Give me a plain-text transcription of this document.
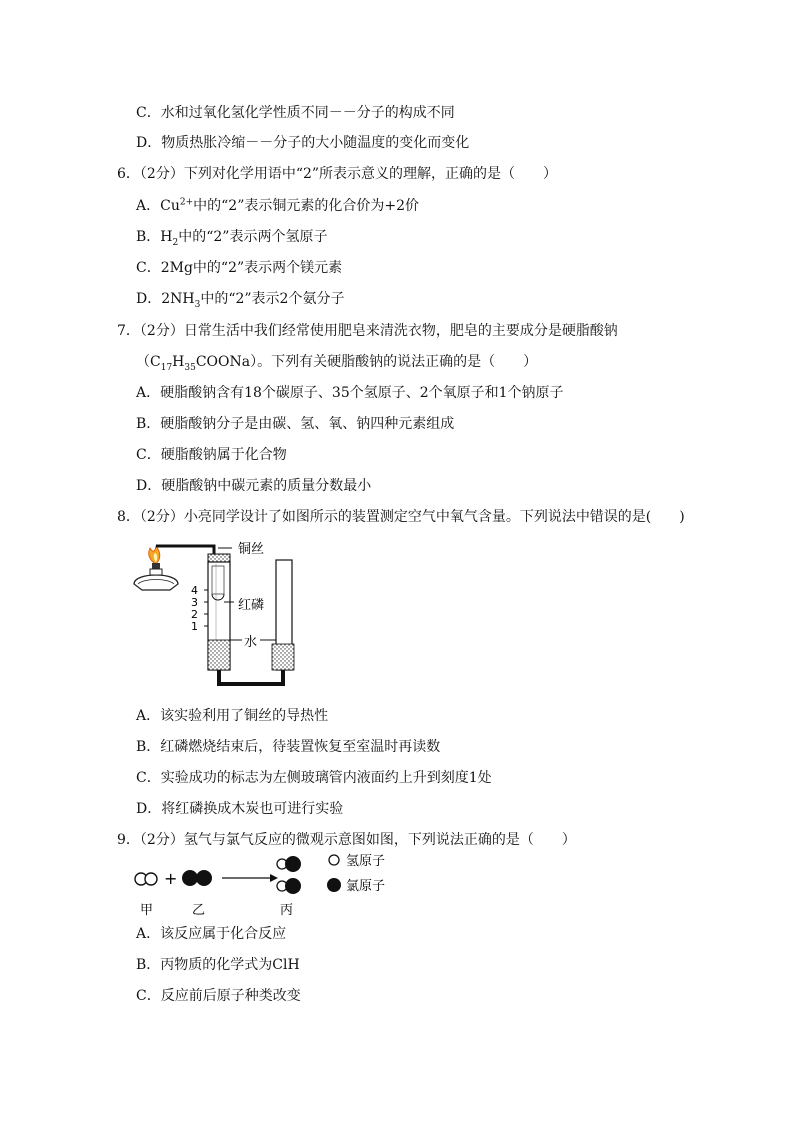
C．水和过氧化氢化学性质不同－－分子的构成不同
D．物质热胀冷缩－－分子的大小随温度的变化而变化
6．（2分）下列对化学用语中“2”所表示意义的理解，正确的是（　　）
A．$Cu^{2+}$中的“2”表示铜元素的化合价为+2价
B．$H_2$中的“2”表示两个氢原子
C．2Mg中的“2”表示两个镁元素
D．$2NH_3$中的“2”表示2个氨分子
7．（2分）日常生活中我们经常使用肥皂来清洗衣物，肥皂的主要成分是硬脂酸钠
$(C_{17}H_{35}COONa)$。下列有关硬脂酸钠的说法正确的是（　　）
A．硬脂酸钠含有18个碳原子、35个氢原子、2个氧原子和1个钠原子
B．硬脂酸钠分子是由碳、氢、氧、钠四种元素组成
C．硬脂酸钠属于化合物
D．硬脂酸钠中碳元素的质量分数最小
8．（2分）小亮同学设计了如图所示的装置测定空气中氧气含量。下列说法中错误的是(　　)
铜丝
4
3
2
1
红磷
水
A．该实验利用了铜丝的导热性
B．红磷燃烧结束后，待装置恢复至室温时再读数
C．实验成功的标志为左侧玻璃管内液面约上升到刻度1处
D．将红磷换成木炭也可进行实验
9．（2分）氢气与氯气反应的微观示意图如图，下列说法正确的是（　　）
+
氢原子
氯原子
甲	乙	丙
A．该反应属于化合反应
B．丙物质的化学式为ClH
C．反应前后原子种类改变
